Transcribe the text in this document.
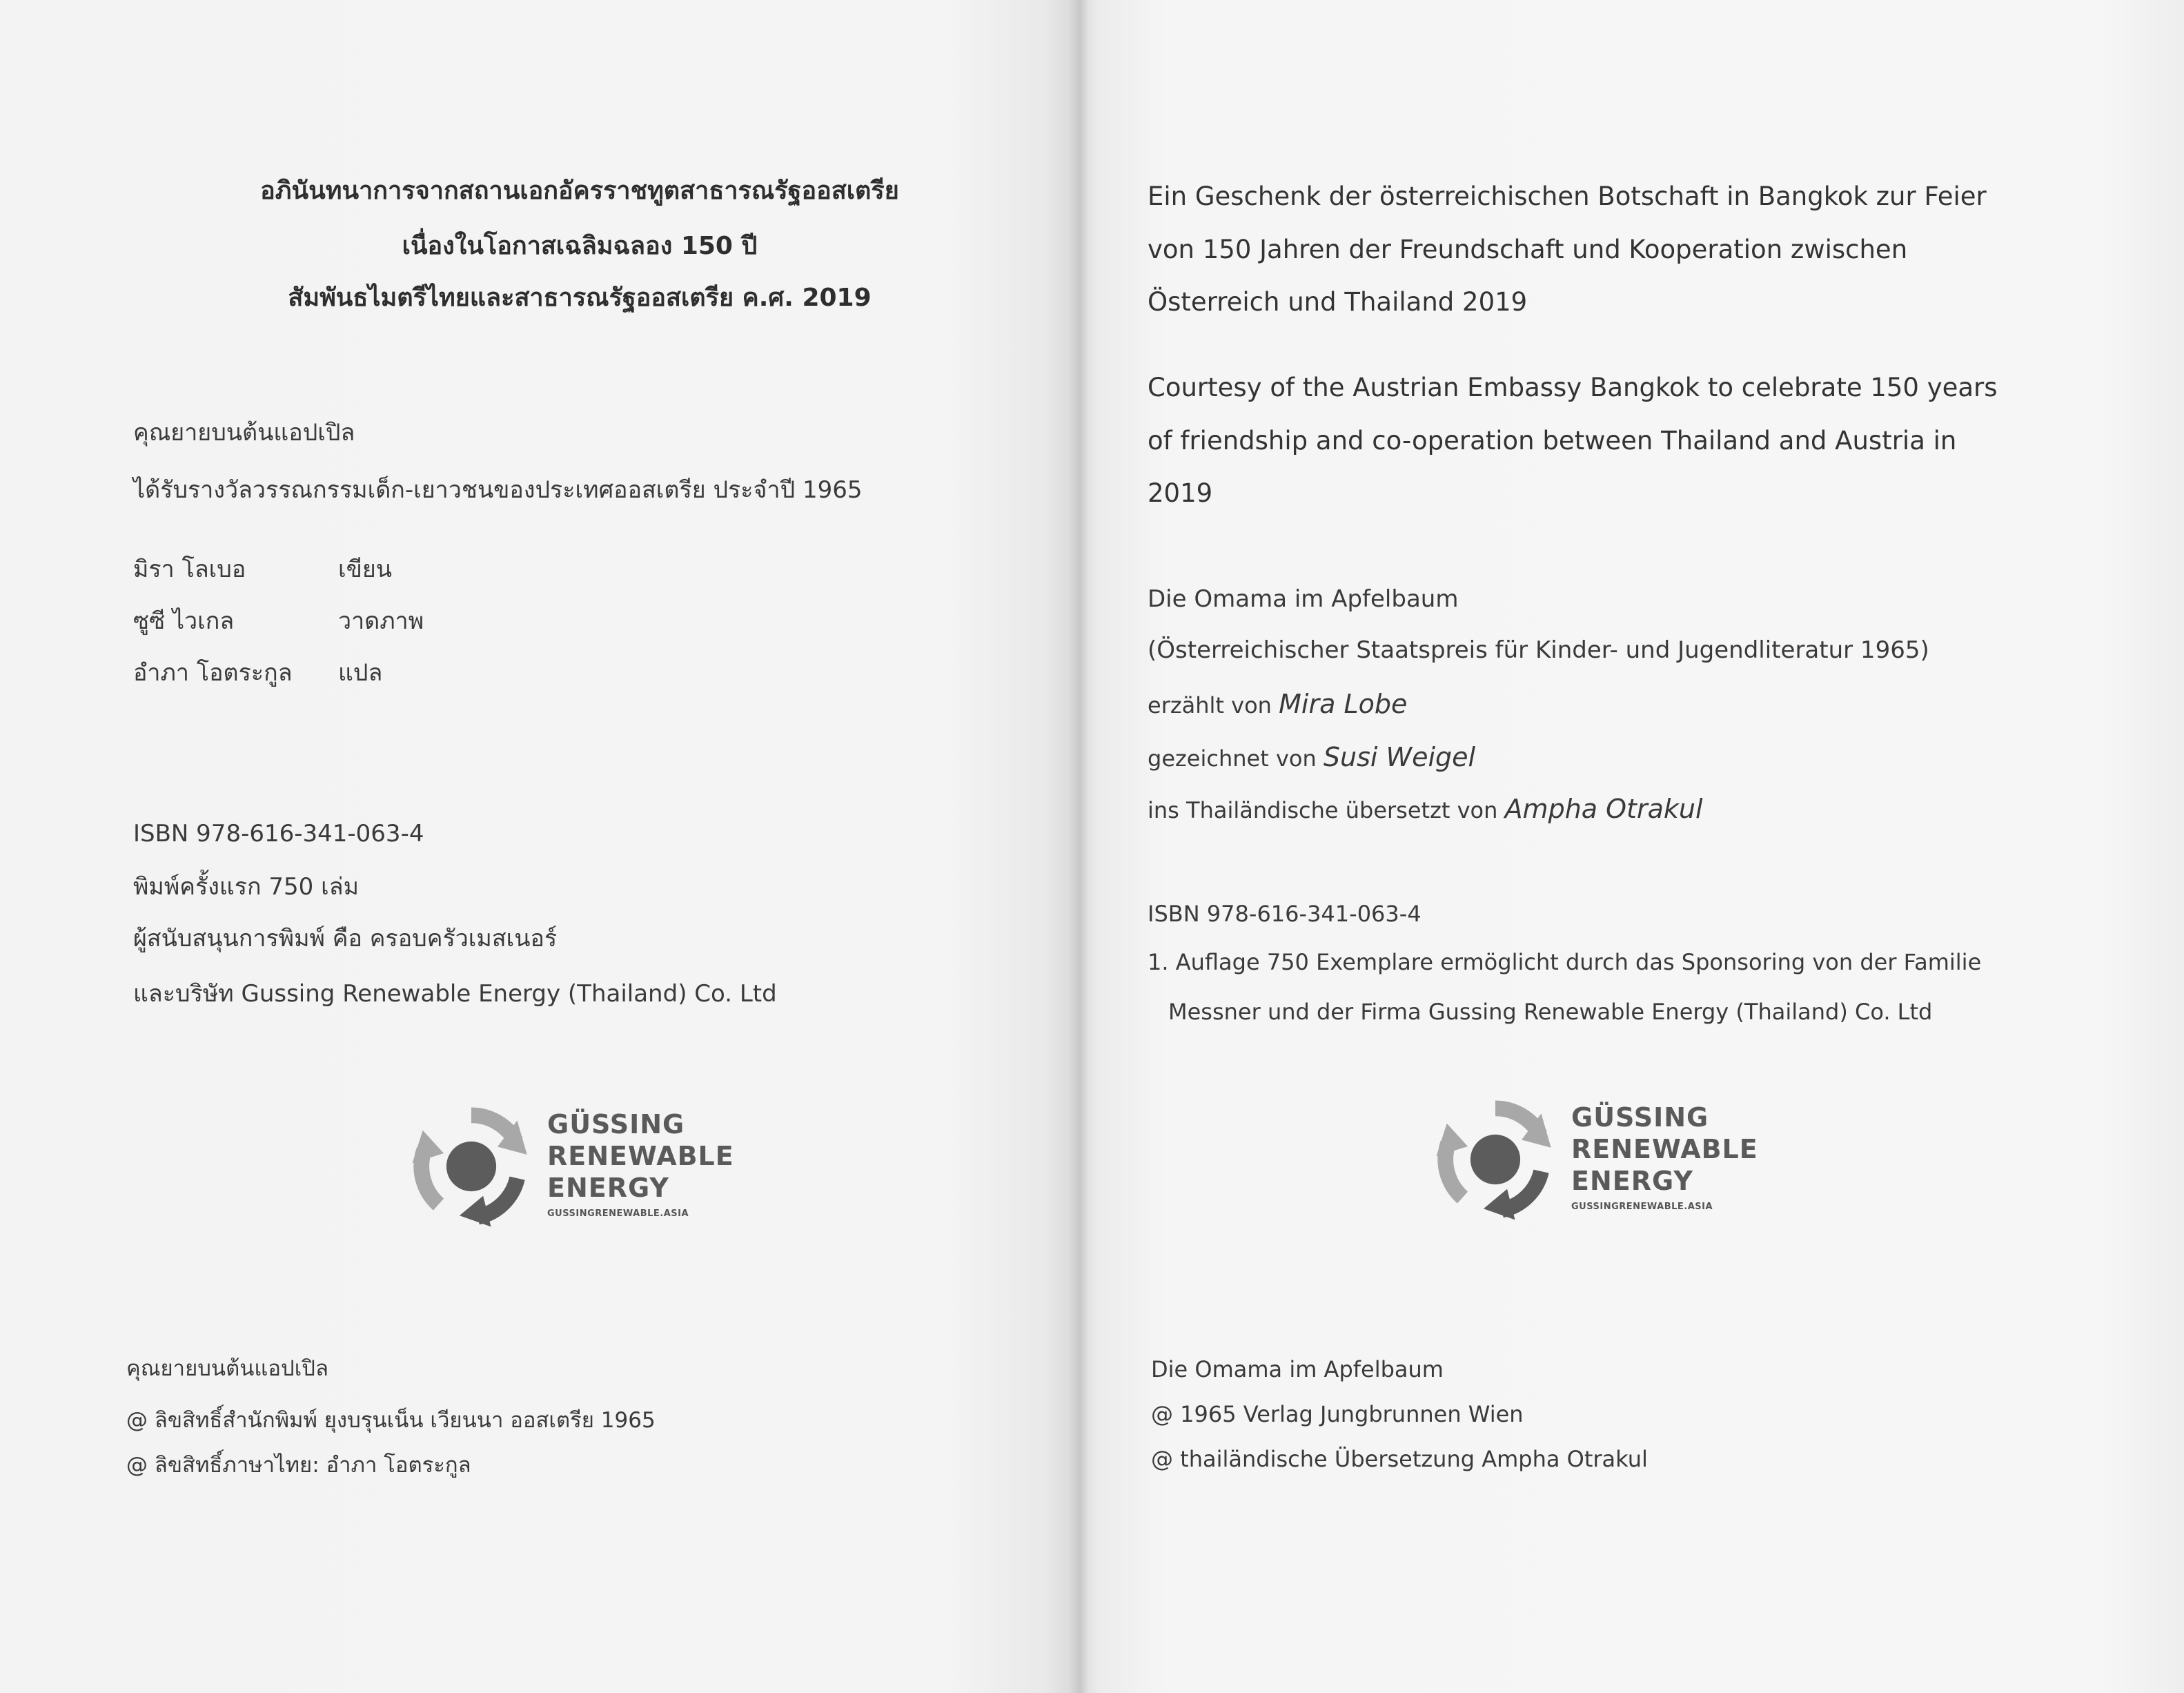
อภินันทนาการจากสถานเอกอัครราชทูตสาธารณรัฐออสเตรีย
เนื่องในโอกาสเฉลิมฉลอง 150 ปี
สัมพันธไมตรีไทยและสาธารณรัฐออสเตรีย ค.ศ. 2019
คุณยายบนต้นแอปเปิล
ได้รับรางวัลวรรณกรรมเด็ก-เยาวชนของประเทศออสเตรีย ประจำปี 1965
มิรา โลเบอ	เขียน
ซูซี ไวเกล	วาดภาพ
อำภา โอตระกูล แปล
ISBN 978-616-341-063-4
พิมพ์ครั้งแรก 750 เล่ม
ผู้สนับสนุนการพิมพ์ คือ ครอบครัวเมสเนอร์
และบริษัท Gussing Renewable Energy (Thailand) Co. Ltd
GÜSSING
RENEWABLE
ENERGY
GUSSINGRENEWABLE.ASIA
คุณยายบนต้นแอปเปิล
@ ลิขสิทธิ์สำนักพิมพ์ ยุงบรุนเน็น เวียนนา ออสเตรีย 1965
@ ลิขสิทธิ์ภาษาไทย: อำภา โอตระกูล
Ein Geschenk der österreichischen Botschaft in Bangkok zur Feier
von 150 Jahren der Freundschaft und Kooperation zwischen
Österreich und Thailand 2019
Courtesy of the Austrian Embassy Bangkok to celebrate 150 years
of friendship and co-operation between Thailand and Austria in
2019
Die Omama im Apfelbaum
(Österreichischer Staatspreis für Kinder- und Jugendliteratur 1965)
erzählt von Mira Lobe
gezeichnet von Susi Weigel
ins Thailändische übersetzt von Ampha Otrakul
ISBN 978-616-341-063-4
1. Auflage 750 Exemplare ermöglicht durch das Sponsoring von der Familie
Messner und der Firma Gussing Renewable Energy (Thailand) Co. Ltd
GÜSSING
RENEWABLE
ENERGY
GUSSINGRENEWABLE.ASIA
Die Omama im Apfelbaum
@ 1965 Verlag Jungbrunnen Wien
@ thailändische Übersetzung Ampha Otrakul
